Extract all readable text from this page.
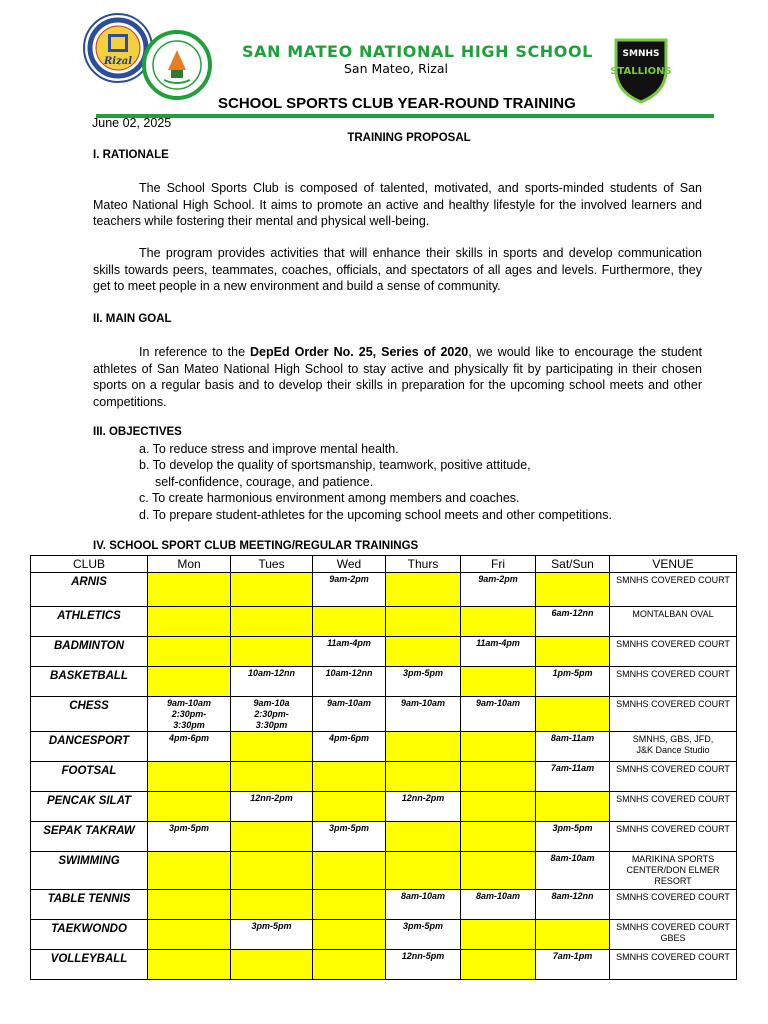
Rizal
SMNHS
STALLIONS
SAN MATEO NATIONAL HIGH SCHOOL
San Mateo, Rizal
SCHOOL SPORTS CLUB YEAR-ROUND TRAINING
June 02, 2025
TRAINING PROPOSAL
I. RATIONALE
The School Sports Club is composed of talented, motivated, and sports-minded students of San Mateo National High School. It aims to promote an active and healthy lifestyle for the involved learners and teachers while fostering their mental and physical well-being.
The program provides activities that will enhance their skills in sports and develop communication skills towards peers, teammates, coaches, officials, and spectators of all ages and levels. Furthermore, they get to meet people in a new environment and build a sense of community.
II. MAIN GOAL
In reference to the DepEd Order No. 25, Series of 2020, we would like to encourage the student athletes of San Mateo National High School to stay active and physically fit by participating in their chosen sports on a regular basis and to develop their skills in preparation for the upcoming school meets and other competitions.
III. OBJECTIVES
a. To reduce stress and improve mental health.
b. To develop the quality of sportsmanship, teamwork, positive attitude,
self-confidence, courage, and patience.
c. To create harmonious environment among members and coaches.
d. To prepare student-athletes for the upcoming school meets and other competitions.
IV. SCHOOL SPORT CLUB MEETING/REGULAR TRAININGS
CLUB	Mon	Tues	Wed	Thurs	Fri	Sat/Sun	VENUE
ARNIS			9am-2pm		9am-2pm		SMNHS COVERED COURT
ATHLETICS						6am-12nn	MONTALBAN OVAL
BADMINTON			11am-4pm		11am-4pm		SMNHS COVERED COURT
BASKETBALL		10am-12nn	10am-12nn	3pm-5pm		1pm-5pm	SMNHS COVERED COURT
CHESS	9am-10am
2:30pm-
3:30pm	9am-10a
2:30pm-
3:30pm	9am-10am	9am-10am	9am-10am		SMNHS COVERED COURT
DANCESPORT	4pm-6pm		4pm-6pm			8am-11am	SMNHS, GBS, JFD,
J&K Dance Studio
FOOTSAL						7am-11am	SMNHS COVERED COURT
PENCAK SILAT		12nn-2pm		12nn-2pm			SMNHS COVERED COURT
SEPAK TAKRAW	3pm-5pm		3pm-5pm			3pm-5pm	SMNHS COVERED COURT
SWIMMING						8am-10am	MARIKINA SPORTS
CENTER/DON ELMER
RESORT
TABLE TENNIS				8am-10am	8am-10am	8am-12nn	SMNHS COVERED COURT
TAEKWONDO		3pm-5pm		3pm-5pm			SMNHS COVERED COURT
GBES
VOLLEYBALL				12nn-5pm		7am-1pm	SMNHS COVERED COURT
